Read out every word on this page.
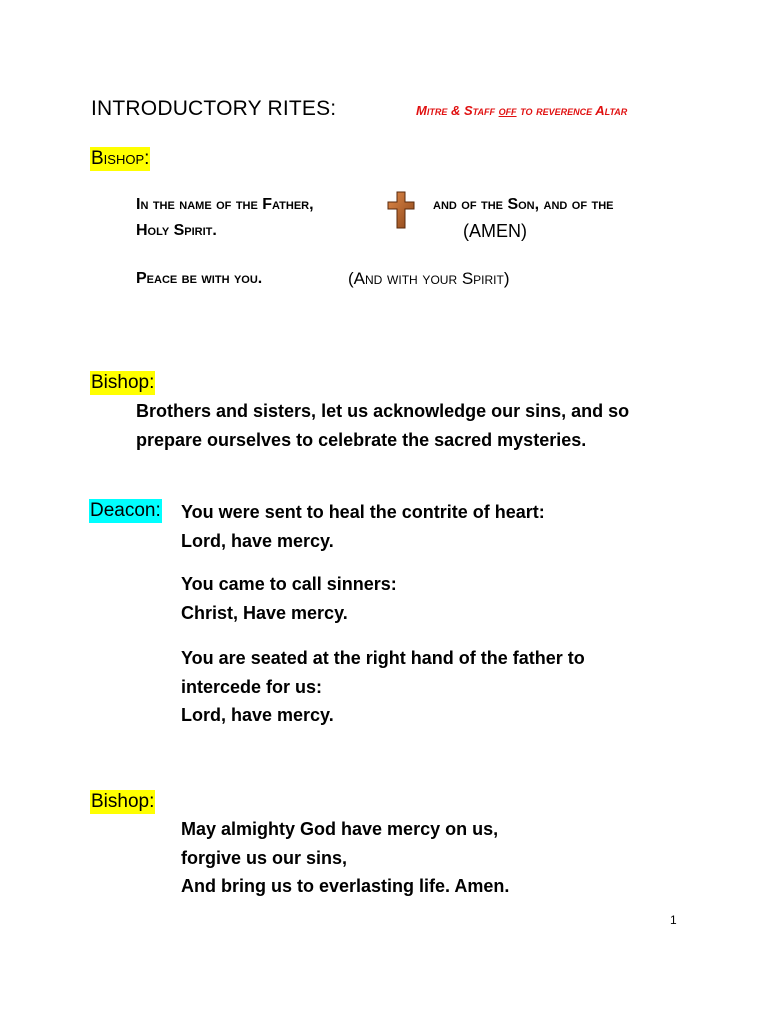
INTRODUCTORY RITES:	Mitre & Staff off to reverence Altar
Bishop:
In the name of the Father,	and of the Son, and of the
Holy Spirit.	(AMEN)
Peace be with you.	(And with your Spirit)
Bishop:
Brothers and sisters, let us acknowledge our sins, and so
prepare ourselves to celebrate the sacred mysteries.
Deacon: You were sent to heal the contrite of heart:
Lord, have mercy.
You came to call sinners:
Christ, Have mercy.
You are seated at the right hand of the father to
intercede for us:
Lord, have mercy.
Bishop:
May almighty God have mercy on us,
forgive us our sins,
And bring us to everlasting life. Amen.
1
